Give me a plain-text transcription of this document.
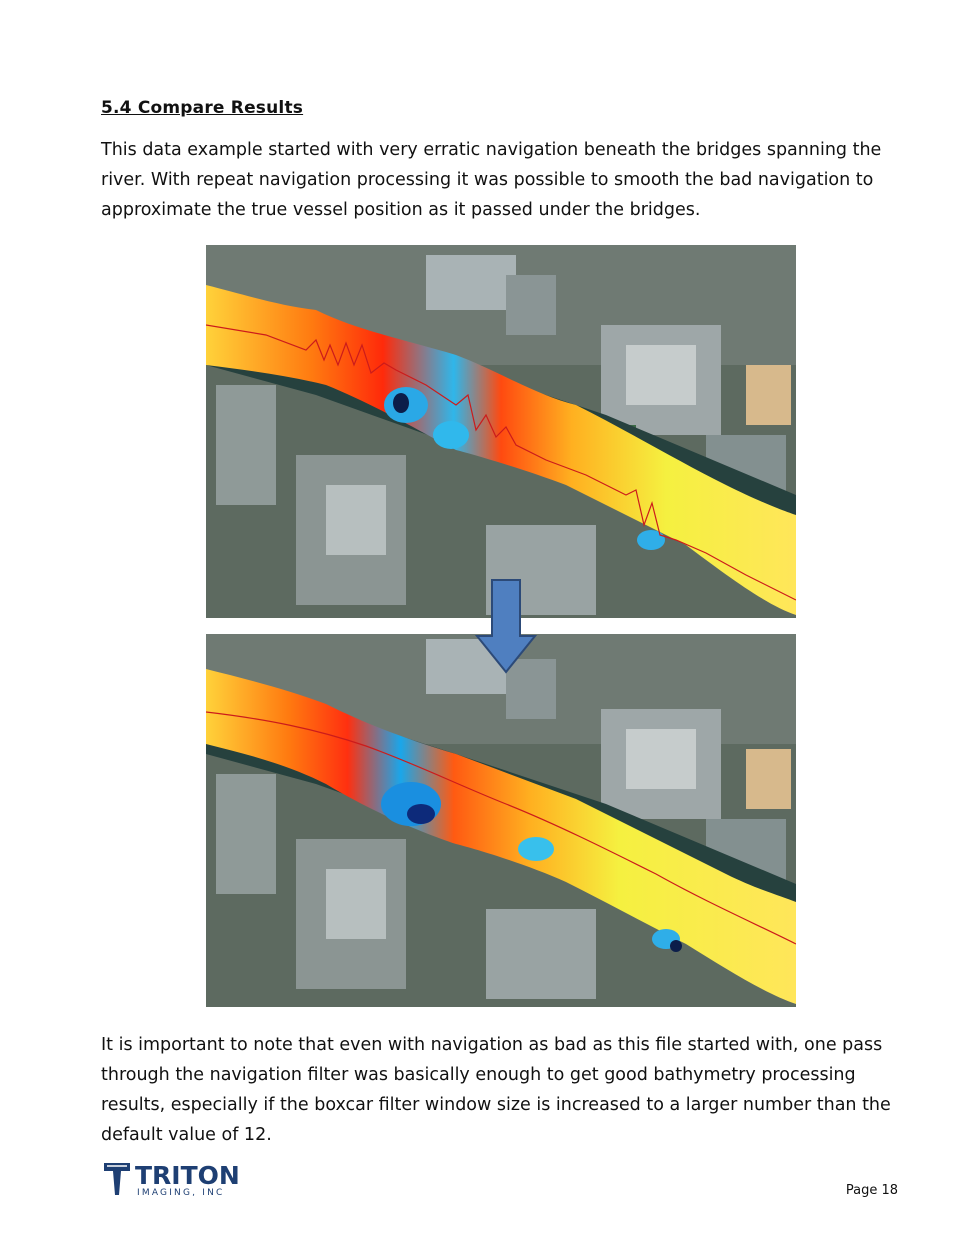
5.4 Compare Results
This data example started with very erratic navigation beneath the bridges spanning the river. With repeat navigation processing it was possible to smooth the bad navigation to approximate the true vessel position as it passed under the bridges.
It is important to note that even with navigation as bad as this file started with, one pass through the navigation filter was basically enough to get good bathymetry processing results, especially if the boxcar filter window size is increased to a larger number than the default value of 12.
TRITON
IMAGING, INC	Page 18
